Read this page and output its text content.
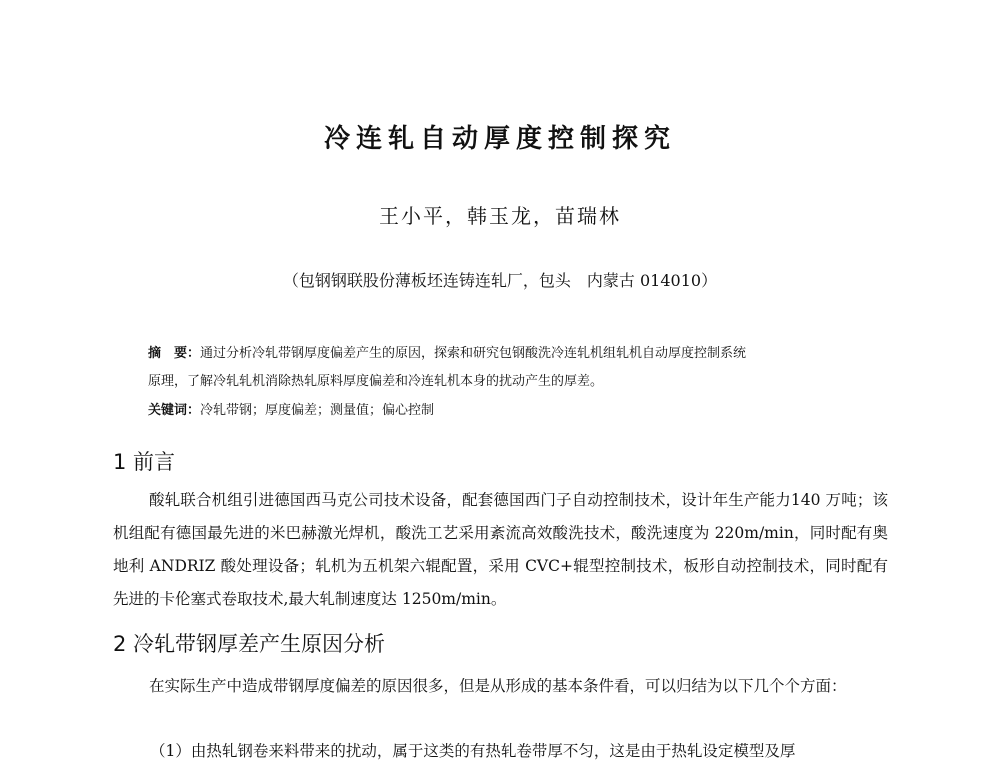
冷连轧自动厚度控制探究
王小平，韩玉龙，苗瑞林
（包钢钢联股份薄板坯连铸连轧厂，包头　内蒙古 014010）
摘　要：通过分析冷轧带钢厚度偏差产生的原因，探索和研究包钢酸洗冷连轧机组轧机自动厚度控制系统
原理，了解冷轧轧机消除热轧原料厚度偏差和冷连轧机本身的扰动产生的厚差。
关键词：冷轧带钢；厚度偏差；测量值；偏心控制
1 前言

酸轧联合机组引进德国西马克公司技术设备，配套德国西门子自动控制技术，设计年生产能力140 万吨；该机组配有德国最先进的米巴赫激光焊机，酸洗工艺采用紊流高效酸洗技术，酸洗速度为 220m/min，同时配有奥地利 ANDRIZ 酸处理设备；轧机为五机架六辊配置，采用 CVC+辊型控制技术，板形自动控制技术，同时配有先进的卡伦塞式卷取技术,最大轧制速度达 1250m/min。

2 冷轧带钢厚差产生原因分析

在实际生产中造成带钢厚度偏差的原因很多，但是从形成的基本条件看，可以归结为以下几个个方面：

（1）由热轧钢卷来料带来的扰动，属于这类的有热轧卷带厚不匀，这是由于热轧设定模型及厚
